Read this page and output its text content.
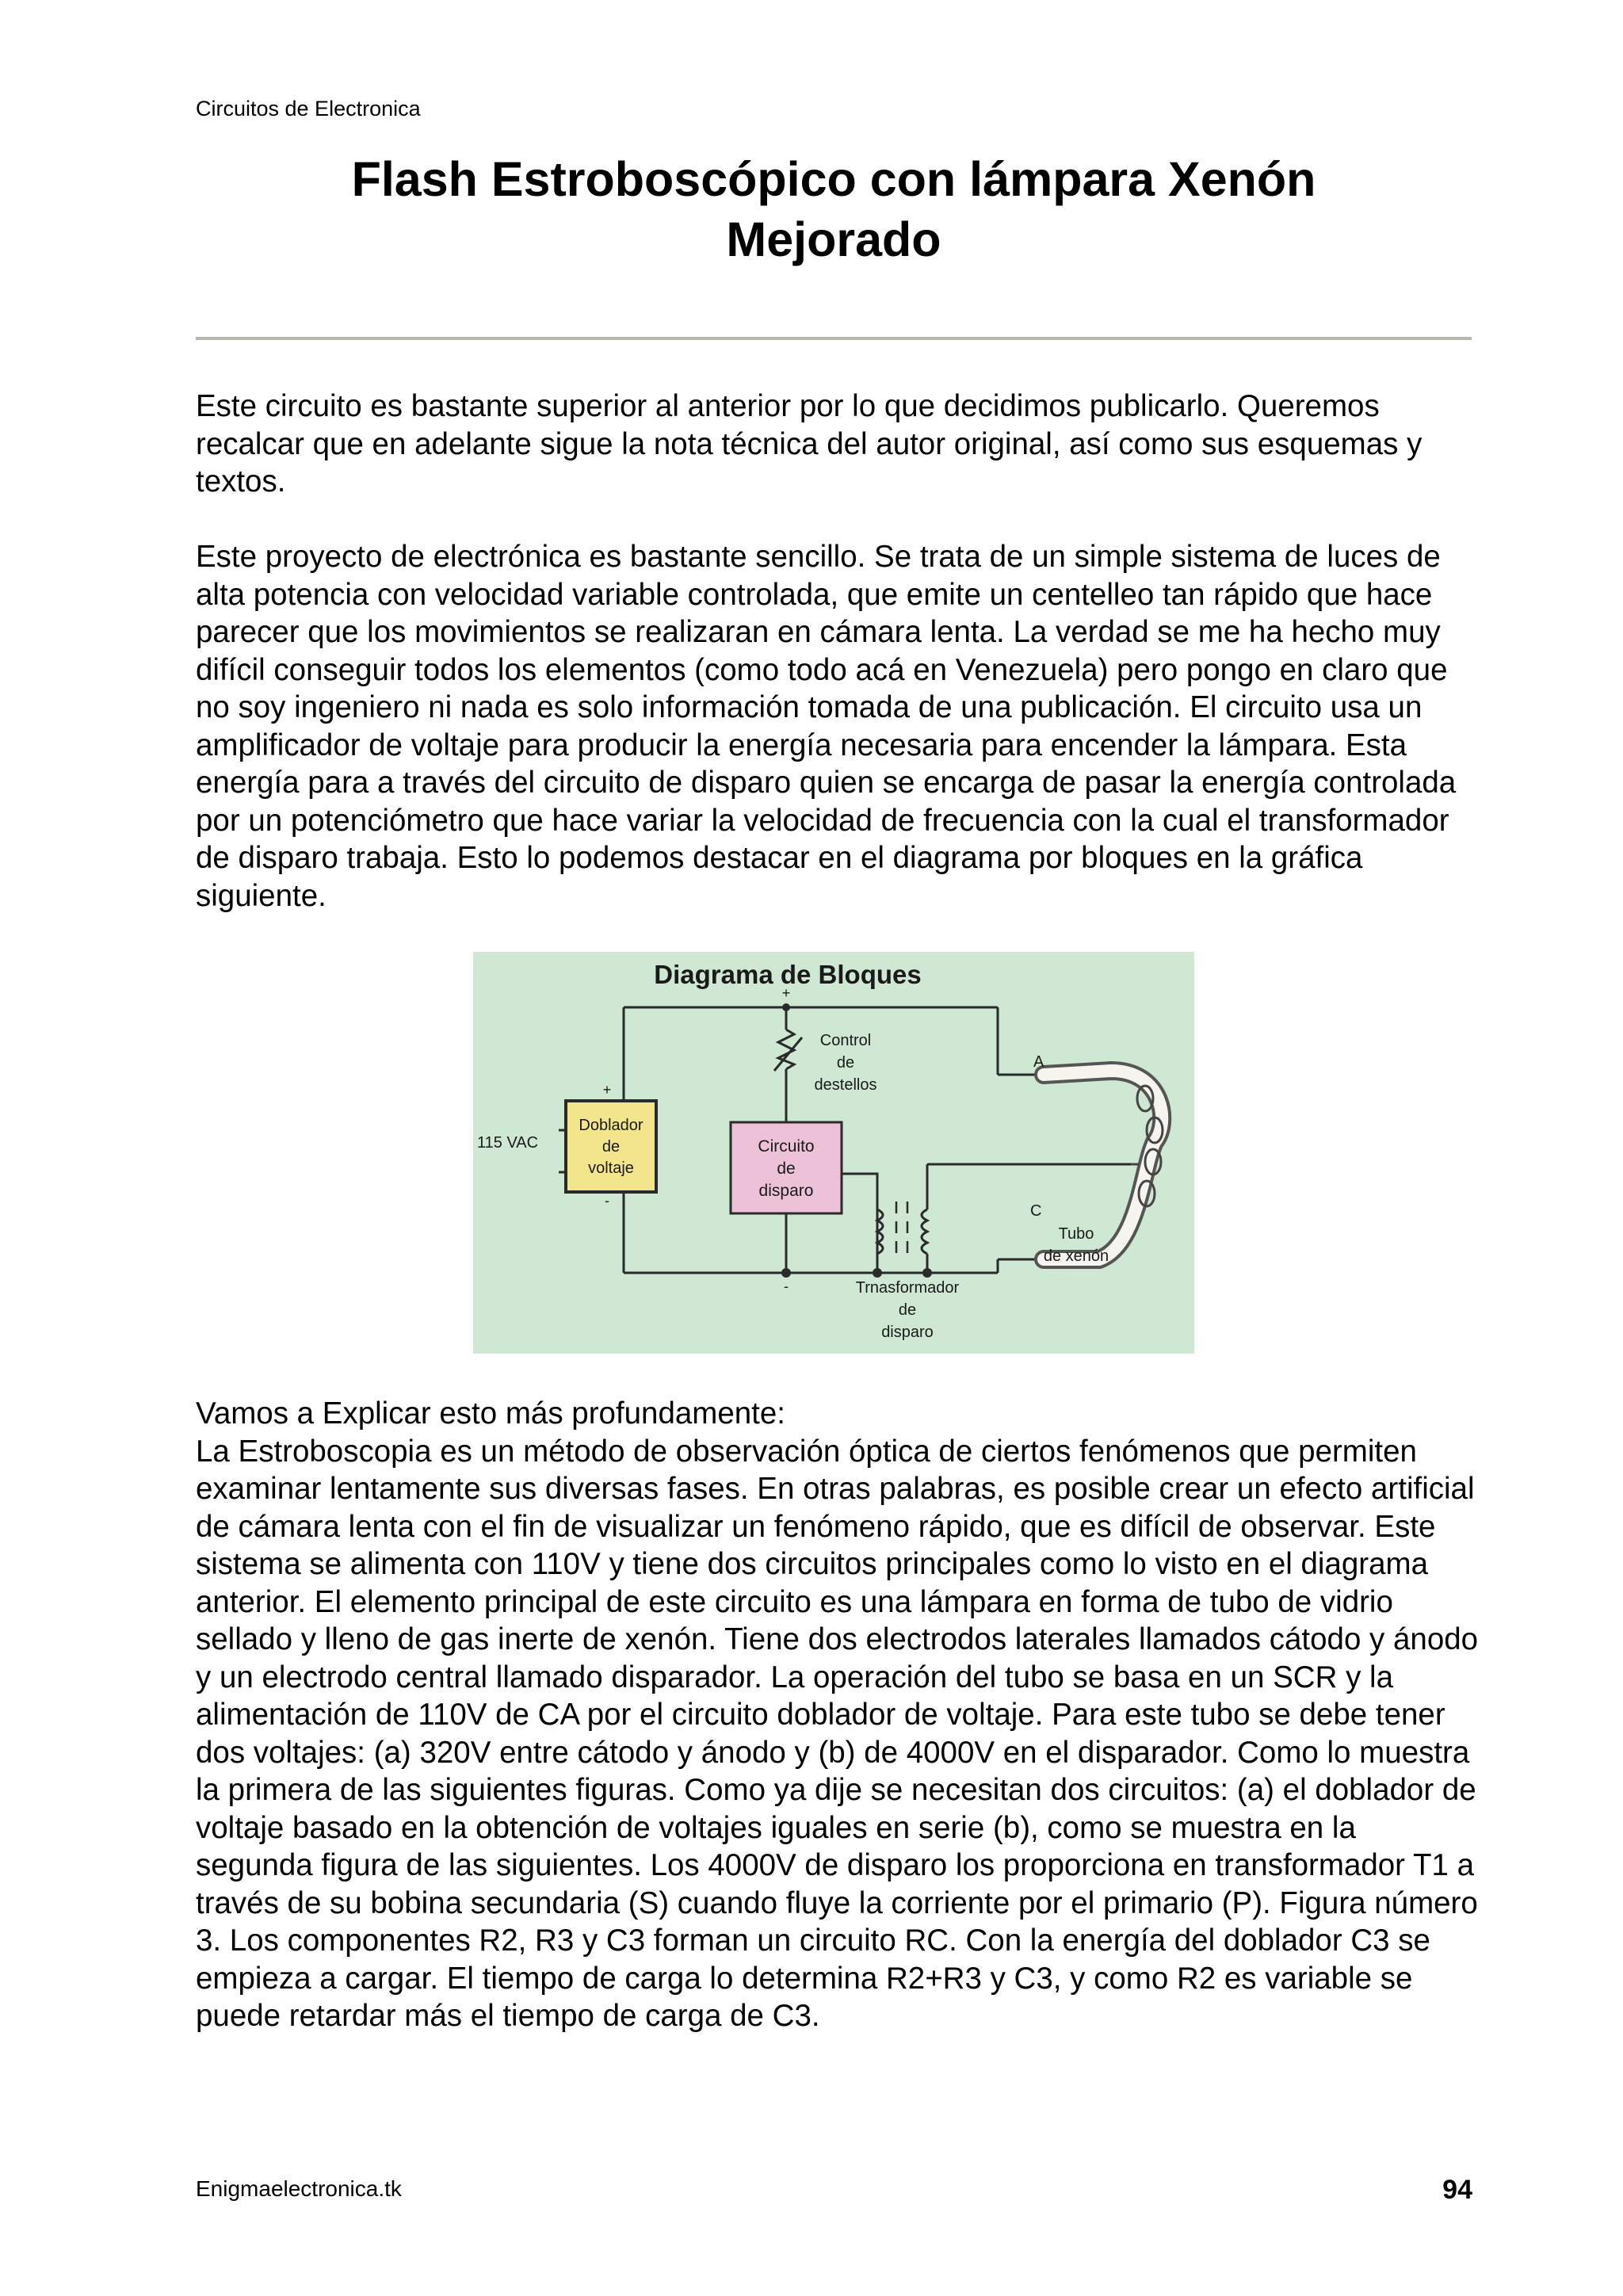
Circuitos de Electronica
Flash Estroboscópico con lámpara Xenón
Mejorado

Este circuito es bastante superior al anterior por lo que decidimos publicarlo. Queremos recalcar que en adelante sigue la nota técnica del autor original, así como sus esquemas y textos.

Este proyecto de electrónica es bastante sencillo. Se trata de un simple sistema de luces de alta potencia con velocidad variable controlada, que emite un centelleo tan rápido que hace parecer que los movimientos se realizaran en cámara lenta. La verdad se me ha hecho muy difícil conseguir todos los elementos (como todo acá en Venezuela) pero pongo en claro que no soy ingeniero ni nada es solo información tomada de una publicación. El circuito usa un amplificador de voltaje para producir la energía necesaria para encender la lámpara. Esta energía para a través del circuito de disparo quien se encarga de pasar la energía controlada por un potenciómetro que hace variar la velocidad de frecuencia con la cual el transformador de disparo trabaja. Esto lo podemos destacar en el diagrama por bloques en la gráfica siguiente.

Diagrama de Bloques
Doblador
de
voltaje
Circuito
de
disparo
115 VAC
+
+
-
-
Control
de
destellos
Trnasformador
de
disparo
A
C
Tubo
de xenón
Vamos a Explicar esto más profundamente:
La Estroboscopia es un método de observación óptica de ciertos fenómenos que permiten examinar lentamente sus diversas fases. En otras palabras, es posible crear un efecto artificial de cámara lenta con el fin de visualizar un fenómeno rápido, que es difícil de observar. Este sistema se alimenta con 110V y tiene dos circuitos principales como lo visto en el diagrama anterior. El elemento principal de este circuito es una lámpara en forma de tubo de vidrio sellado y lleno de gas inerte de xenón. Tiene dos electrodos laterales llamados cátodo y ánodo y un electrodo central llamado disparador. La operación del tubo se basa en un SCR y la alimentación de 110V de CA por el circuito doblador de voltaje. Para este tubo se debe tener dos voltajes: (a) 320V entre cátodo y ánodo y (b) de 4000V en el disparador. Como lo muestra la primera de las siguientes figuras. Como ya dije se necesitan dos circuitos: (a) el doblador de voltaje basado en la obtención de voltajes iguales en serie (b), como se muestra en la segunda figura de las siguientes. Los 4000V de disparo los proporciona en transformador T1 a través de su bobina secundaria (S) cuando fluye la corriente por el primario (P). Figura número 3. Los componentes R2, R3 y C3 forman un circuito RC. Con la energía del doblador C3 se empieza a cargar. El tiempo de carga lo determina R2+R3 y C3, y como R2 es variable se puede retardar más el tiempo de carga de C3.
Enigmaelectronica.tk	94
